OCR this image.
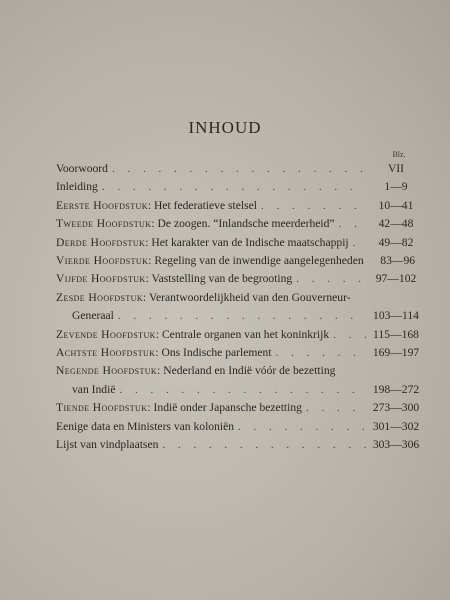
INHOUD
Blz.
Voorwoord . . .	VII
Inleiding . . .	1—9
Eerste Hoofdstuk: Het federatieve stelsel . . .	10—41
Tweede Hoofdstuk: De zoogen. “Inlandsche meerderheid” . . .	42—48
Derde Hoofdstuk: Het karakter van de Indische maatschappij . . .	49—82
Vierde Hoofdstuk: Regeling van de inwendige aangelegenheden	83—96
Vijfde Hoofdstuk: Vaststelling van de begrooting . . .	97—102
Zesde Hoofdstuk: Verantwoordelijkheid van den Gouverneur-
Generaal . . .	103—114
Zevende Hoofdstuk: Centrale organen van het koninkrijk . . .	115—168
Achtste Hoofdstuk: Ons Indische parlement . . .	169—197
Negende Hoofdstuk: Nederland en Indië vóór de bezetting
van Indië . . .	198—272
Tiende Hoofdstuk: Indië onder Japansche bezetting . . .	273—300
Eenige data en Ministers van koloniën . . .	301—302
Lijst van vindplaatsen . . .	303—306
